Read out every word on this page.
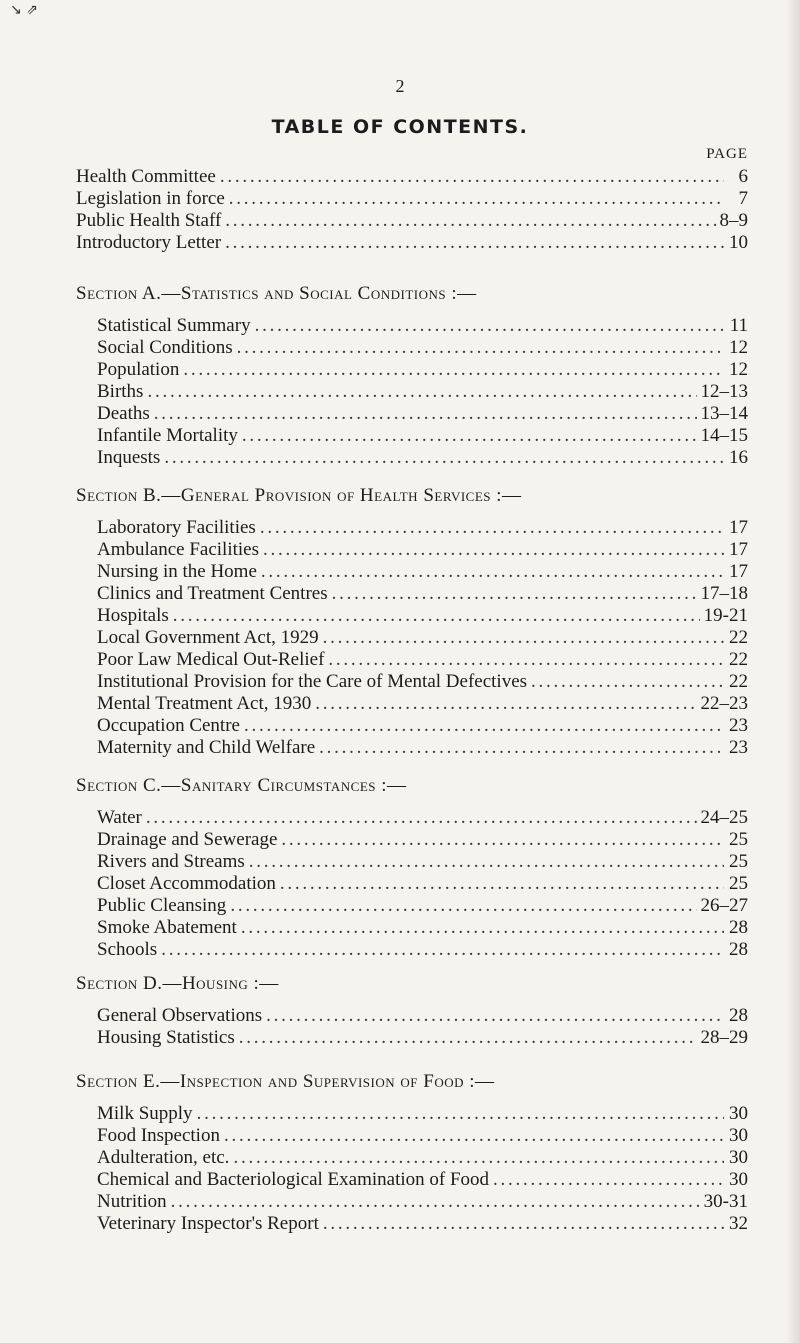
↘︎ ⇗
2
TABLE OF CONTENTS.
PAGE
Health Committee . . .	6
Legislation in force . . .	7
Public Health Staff . . .	8–9
Introductory Letter . . .	10
Section A.—Statistics and Social Conditions :—
Statistical Summary . . .	11
Social Conditions . . .	12
Population . . .	12
Births . . .	12–13
Deaths . . .	13–14
Infantile Mortality . . .	14–15
Inquests . . .	16
Section B.—General Provision of Health Services :—
Laboratory Facilities . . .	17
Ambulance Facilities . . .	17
Nursing in the Home . . .	17
Clinics and Treatment Centres . . .	17–18
Hospitals . . .	19-21
Local Government Act, 1929 . . .	22
Poor Law Medical Out-Relief . . .	22
Institutional Provision for the Care of Mental Defectives . . .	22
Mental Treatment Act, 1930 . . .	22–23
Occupation Centre . . .	23
Maternity and Child Welfare . . .	23
Section C.—Sanitary Circumstances :—
Water . . .	24–25
Drainage and Sewerage . . .	25
Rivers and Streams . . .	25
Closet Accommodation . . .	25
Public Cleansing . . .	26–27
Smoke Abatement . . .	28
Schools . . .	28
Section D.—Housing :—
General Observations . . .	28
Housing Statistics . . .	28–29
Section E.—Inspection and Supervision of Food :—
Milk Supply . . .	30
Food Inspection . . .	30
Adulteration, etc. . . .	30
Chemical and Bacteriological Examination of Food . . .	30
Nutrition . . .	30-31
Veterinary Inspector's Report . . .	32
